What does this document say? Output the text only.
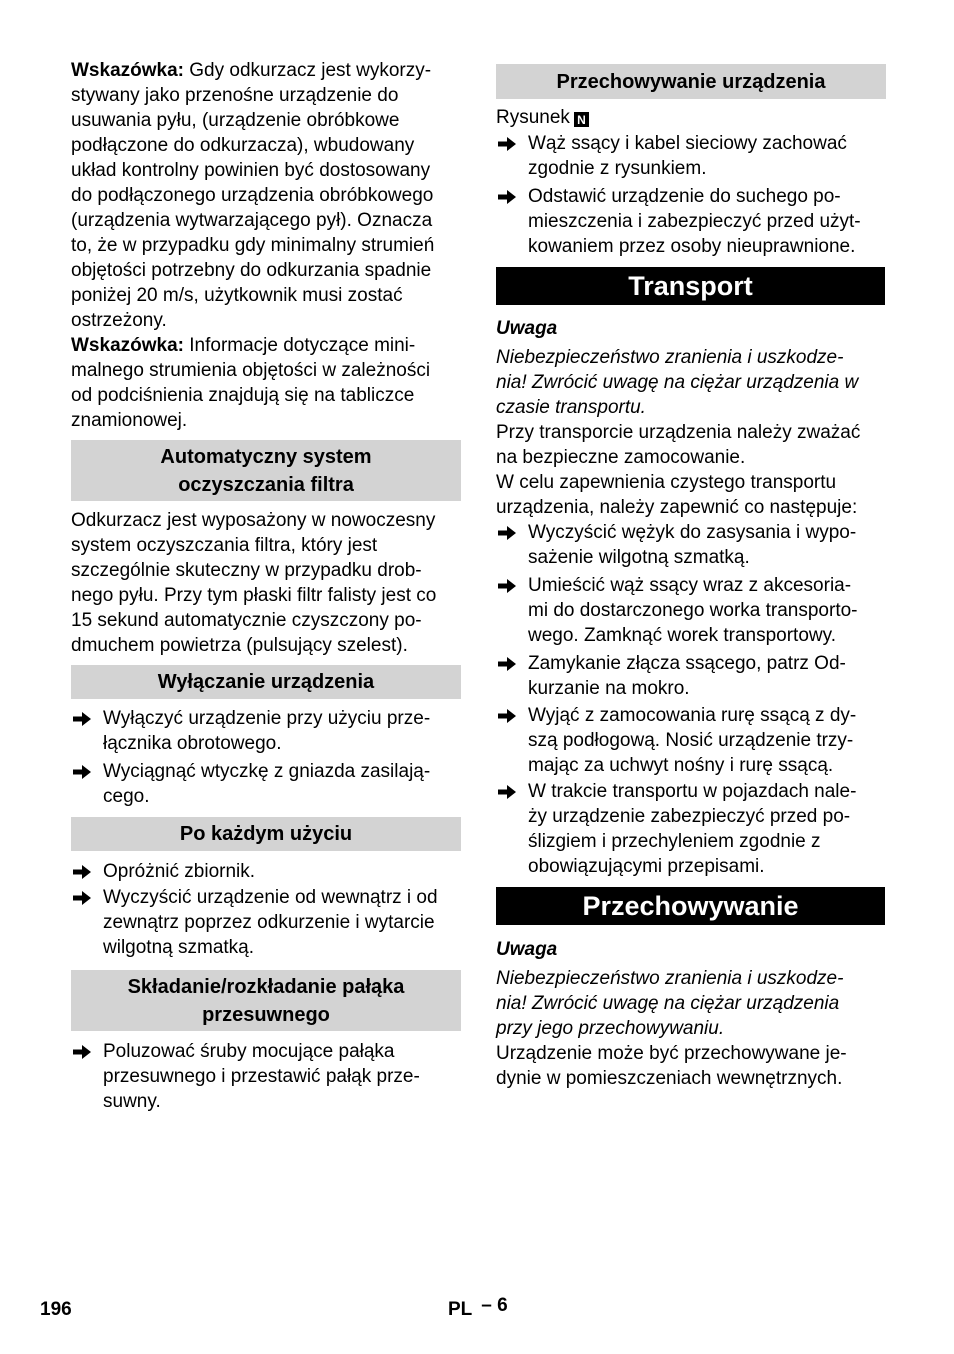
Wskazówka: Gdy odkurzacz jest wykorzy-
stywany jako przenośne urządzenie do
usuwania pyłu, (urządzenie obróbkowe
podłączone do odkurzacza), wbudowany
układ kontrolny powinien być dostosowany
do podłączonego urządzenia obróbkowego
(urządzenia wytwarzającego pył). Oznacza
to, że w przypadku gdy minimalny strumień
objętości potrzebny do odkurzania spadnie
poniżej 20 m/s, użytkownik musi zostać
ostrzeżony.

Wskazówka: Informacje dotyczące mini-
malnego strumienia objętości w zależności
od podciśnienia znajdują się na tabliczce
znamionowej.

Automatyczny system
oczyszczania filtra

Odkurzacz jest wyposażony w nowoczesny
system oczyszczania filtra, który jest
szczególnie skuteczny w przypadku drob-
nego pyłu. Przy tym płaski filtr falisty jest co
15 sekund automatycznie czyszczony po-
dmuchem powietrza (pulsujący szelest).

Wyłączanie urządzenia
Wyłączyć urządzenie przy użyciu prze-
łącznika obrotowego.
Wyciągnąć wtyczkę z gniazda zasilają-
cego.
Po każdym użyciu
Opróżnić zbiornik.
Wyczyścić urządzenie od wewnątrz i od
zewnątrz poprzez odkurzenie i wytarcie
wilgotną szmatką.
Składanie/rozkładanie pałąka
przesuwnego
Poluzować śruby mocujące pałąka
przesuwnego i przestawić pałąk prze-
suwny.
Przechowywanie urządzenia

Rysunek N

Wąż ssący i kabel sieciowy zachować
zgodnie z rysunkiem.
Odstawić urządzenie do suchego po-
mieszczenia i zabezpieczyć przed użyt-
kowaniem przez osoby nieuprawnione.
Transport

Uwaga

Niebezpieczeństwo zranienia i uszkodze-
nia! Zwrócić uwagę na ciężar urządzenia w
czasie transportu.

Przy transporcie urządzenia należy zważać
na bezpieczne zamocowanie.
W celu zapewnienia czystego transportu
urządzenia, należy zapewnić co następuje:

Wyczyścić wężyk do zasysania i wypo-
sażenie wilgotną szmatką.
Umieścić wąż ssący wraz z akcesoria-
mi do dostarczonego worka transporto-
wego. Zamknąć worek transportowy.
Zamykanie złącza ssącego, patrz Od-
kurzanie na mokro.
Wyjąć z zamocowania rurę ssącą z dy-
szą podłogową. Nosić urządzenie trzy-
mając za uchwyt nośny i rurę ssącą.
W trakcie transportu w pojazdach nale-
ży urządzenie zabezpieczyć przed po-
ślizgiem i przechyleniem zgodnie z
obowiązującymi przepisami.
Przechowywanie

Uwaga

Niebezpieczeństwo zranienia i uszkodze-
nia! Zwrócić uwagę na ciężar urządzenia
przy jego przechowywaniu.

Urządzenie może być przechowywane je-
dynie w pomieszczeniach wewnętrznych.

196	PL – 6
